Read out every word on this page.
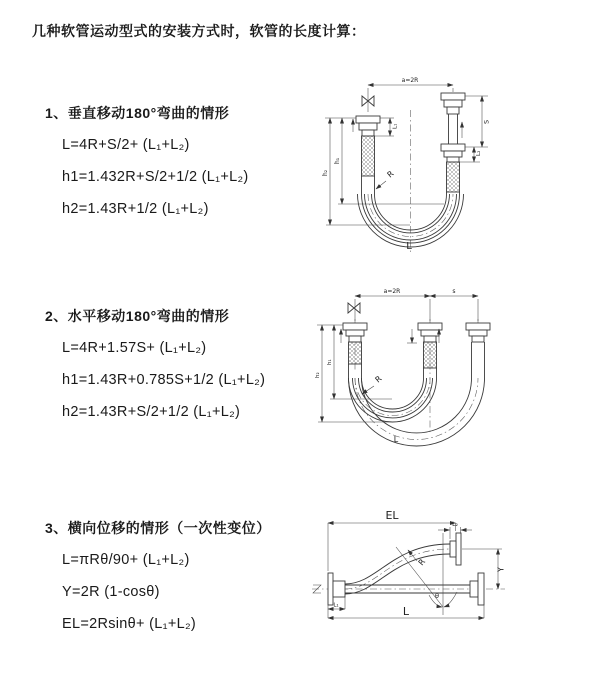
几种软管运动型式的安装方式时，软管的长度计算：
1、垂直移动180°弯曲的情形
L=4R+S/2+ (L₁+L₂)
h1=1.432R+S/2+1/2 (L₁+L₂)
h2=1.43R+1/2 (L₁+L₂)
a=2R
R
L
h₁
h₂
L₁
S
L₂
2、水平移动180°弯曲的情形
L=4R+1.57S+ (L₁+L₂)
h1=1.43R+0.785S+1/2 (L₁+L₂)
h2=1.43R+S/2+1/2 (L₁+L₂)
a=2R	s
R
L
h₁
h₂
3、横向位移的情形（一次性变位）
L=πRθ/90+ (L₁+L₂)
Y=2R (1-cosθ)
EL=2Rsinθ+ (L₁+L₂)
EL
L₂
Y
R
θ
L
L₁
